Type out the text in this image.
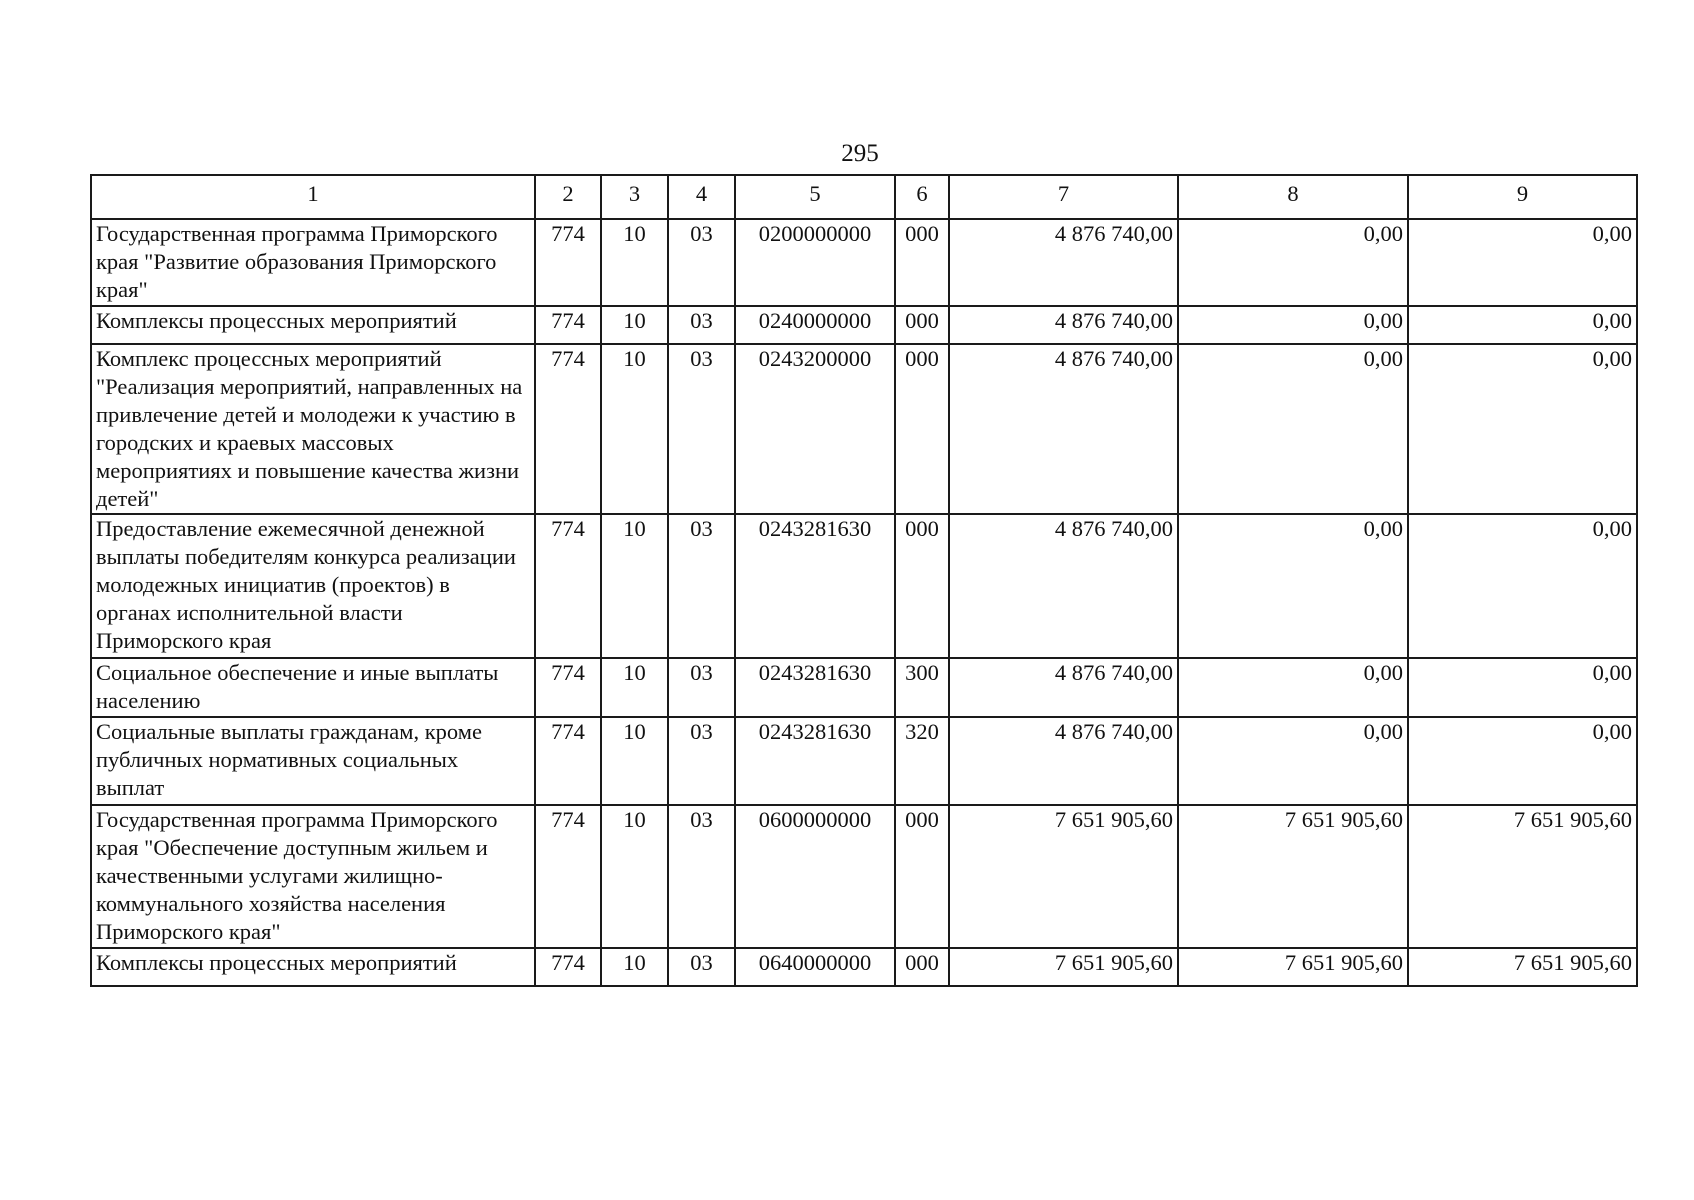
295
1	2	3	4	5	6	7	8	9
Государственная программа Приморского края "Развитие образования Приморского края"	774	10	03	0200000000	000	4 876 740,00	0,00	0,00
Комплексы процессных мероприятий	774	10	03	0240000000	000	4 876 740,00	0,00	0,00
Комплекс процессных мероприятий "Реализация мероприятий, направленных на привлечение детей и молодежи к участию в городских и краевых массовых мероприятиях и повышение качества жизни детей"	774	10	03	0243200000	000	4 876 740,00	0,00	0,00
Предоставление ежемесячной денежной выплаты победителям конкурса реализации молодежных инициатив (проектов) в органах исполнительной власти Приморского края	774	10	03	0243281630	000	4 876 740,00	0,00	0,00
Социальное обеспечение и иные выплаты населению	774	10	03	0243281630	300	4 876 740,00	0,00	0,00
Социальные выплаты гражданам, кроме публичных нормативных социальных выплат	774	10	03	0243281630	320	4 876 740,00	0,00	0,00
Государственная программа Приморского края "Обеспечение доступным жильем и качественными услугами жилищно-коммунального хозяйства населения Приморского края"	774	10	03	0600000000	000	7 651 905,60	7 651 905,60	7 651 905,60
Комплексы процессных мероприятий	774	10	03	0640000000	000	7 651 905,60	7 651 905,60	7 651 905,60
